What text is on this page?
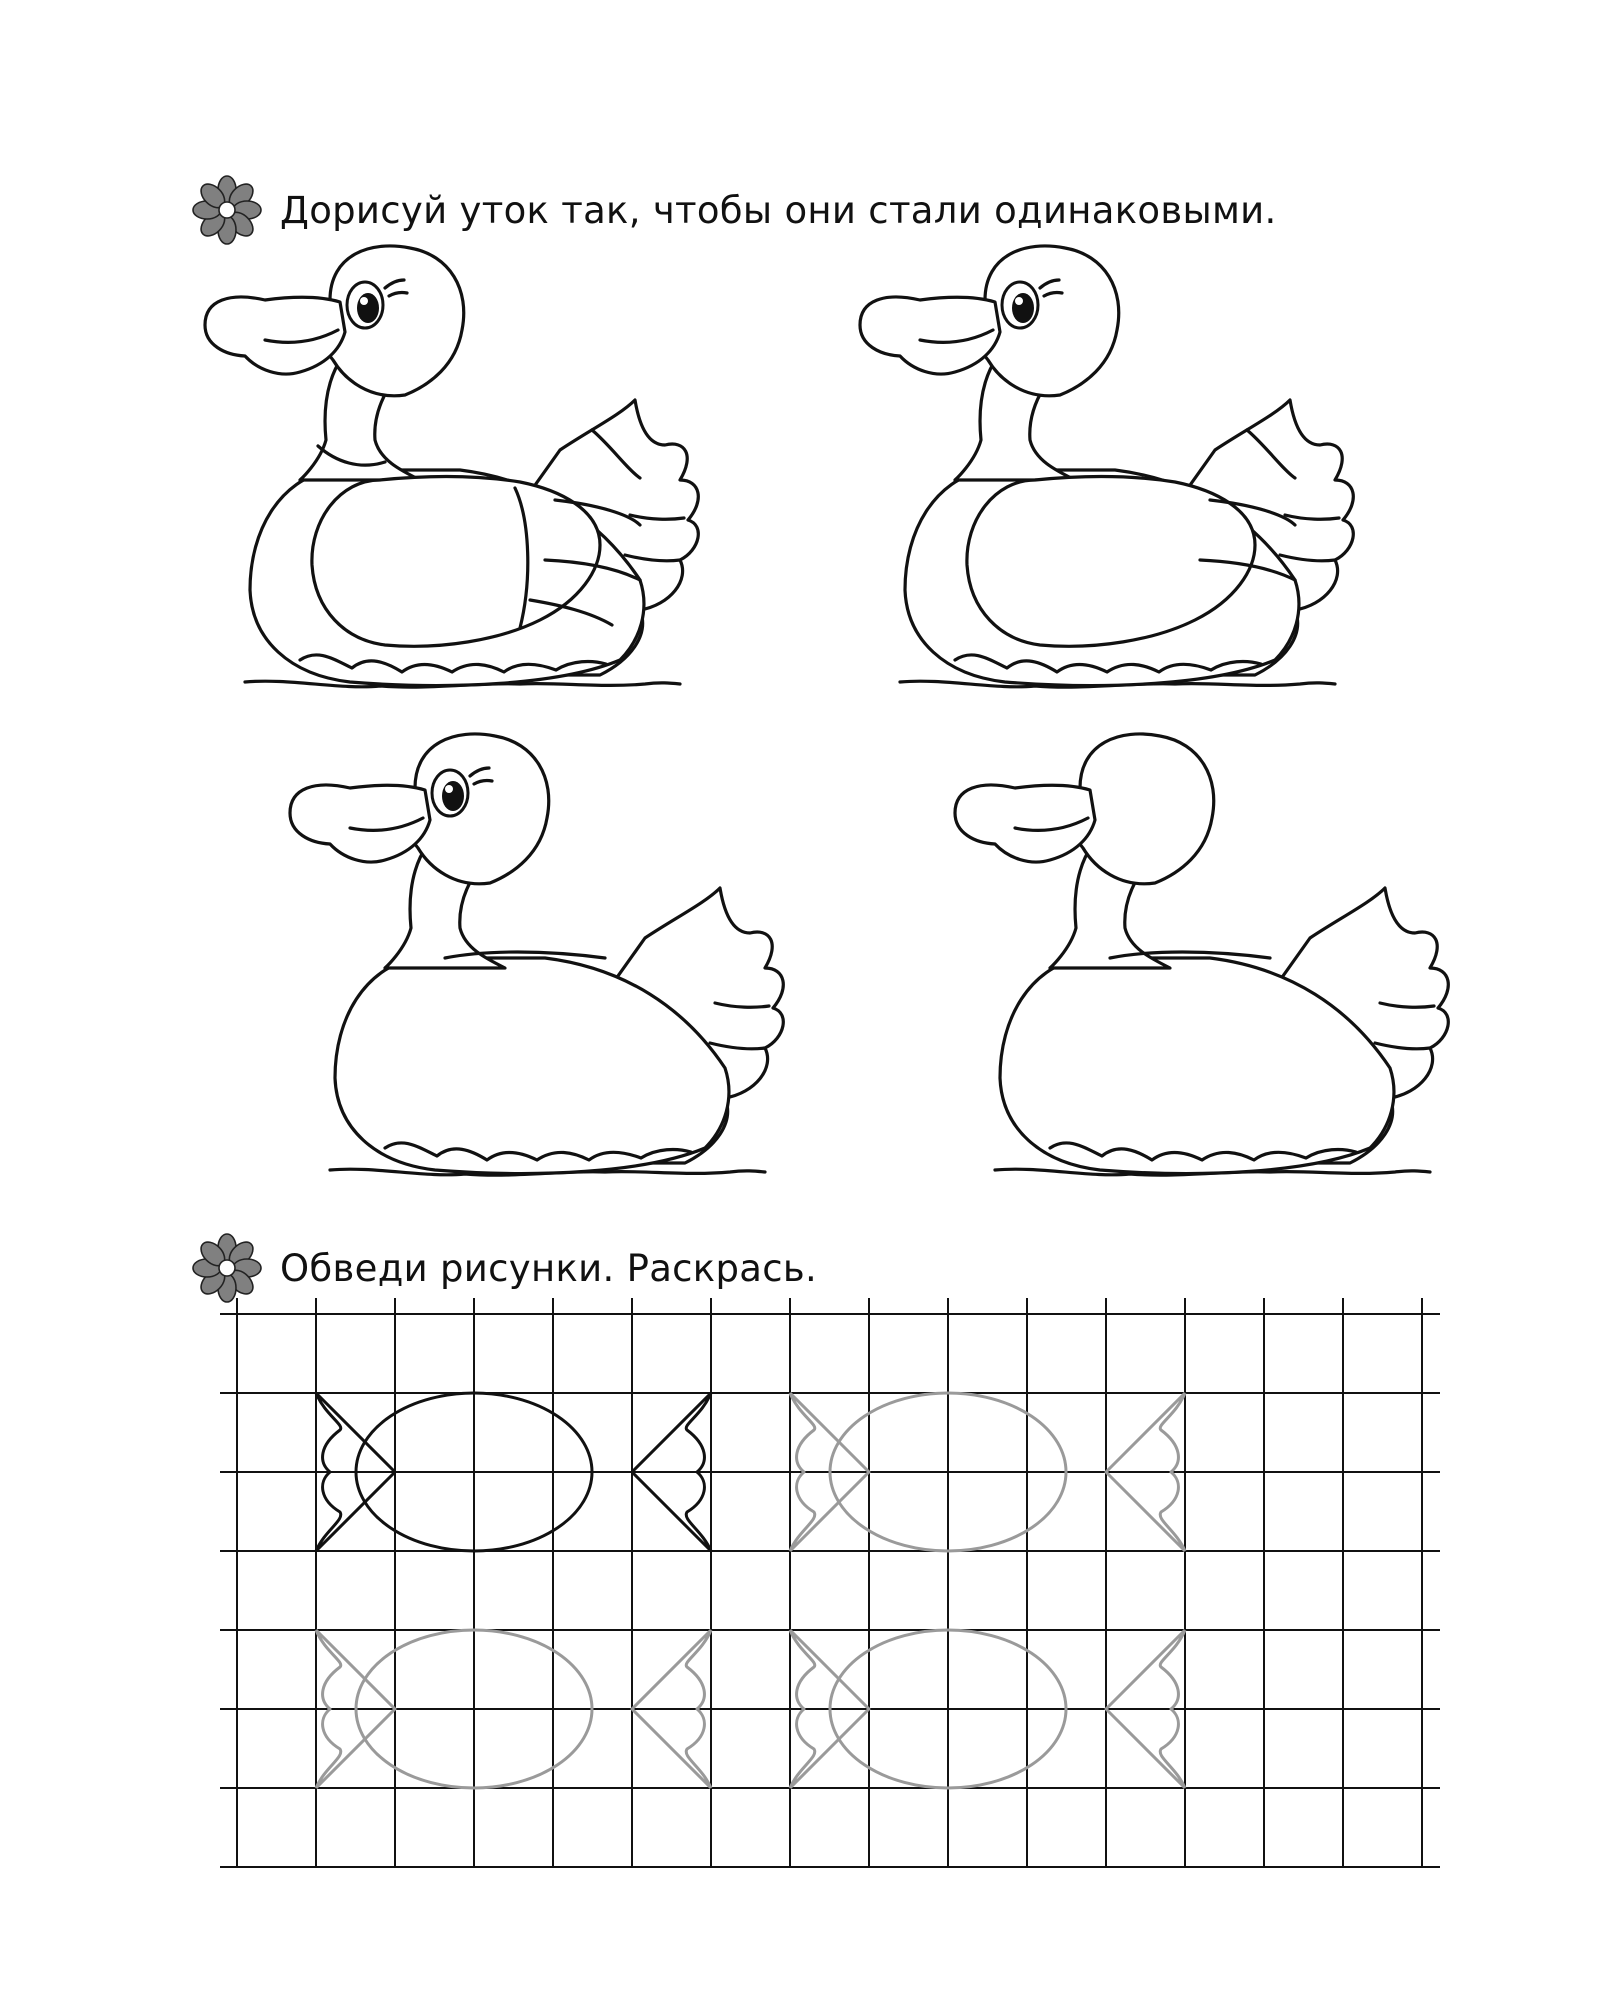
Дорисуй уток так, чтобы они стали одинаковыми.
Обведи рисунки. Раскрась.
